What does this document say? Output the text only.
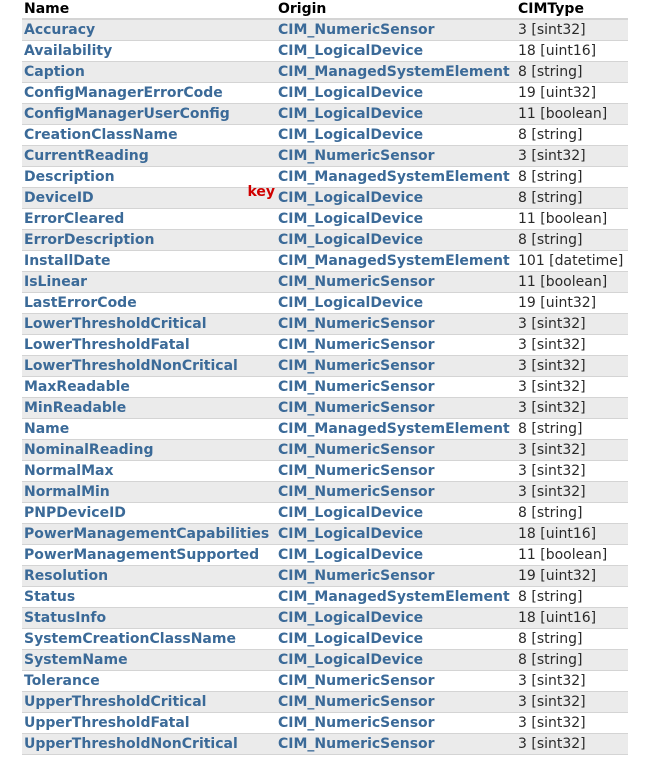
Name		Origin	CIMType
Accuracy		CIM_NumericSensor	3 [sint32]
Availability		CIM_LogicalDevice	18 [uint16]
Caption		CIM_ManagedSystemElement	8 [string]
ConfigManagerErrorCode		CIM_LogicalDevice	19 [uint32]
ConfigManagerUserConfig		CIM_LogicalDevice	11 [boolean]
CreationClassName		CIM_LogicalDevice	8 [string]
CurrentReading		CIM_NumericSensor	3 [sint32]
Description		CIM_ManagedSystemElement	8 [string]
DeviceID	key	CIM_LogicalDevice	8 [string]
ErrorCleared		CIM_LogicalDevice	11 [boolean]
ErrorDescription		CIM_LogicalDevice	8 [string]
InstallDate		CIM_ManagedSystemElement	101 [datetime]
IsLinear		CIM_NumericSensor	11 [boolean]
LastErrorCode		CIM_LogicalDevice	19 [uint32]
LowerThresholdCritical		CIM_NumericSensor	3 [sint32]
LowerThresholdFatal		CIM_NumericSensor	3 [sint32]
LowerThresholdNonCritical		CIM_NumericSensor	3 [sint32]
MaxReadable		CIM_NumericSensor	3 [sint32]
MinReadable		CIM_NumericSensor	3 [sint32]
Name		CIM_ManagedSystemElement	8 [string]
NominalReading		CIM_NumericSensor	3 [sint32]
NormalMax		CIM_NumericSensor	3 [sint32]
NormalMin		CIM_NumericSensor	3 [sint32]
PNPDeviceID		CIM_LogicalDevice	8 [string]
PowerManagementCapabilities		CIM_LogicalDevice	18 [uint16]
PowerManagementSupported		CIM_LogicalDevice	11 [boolean]
Resolution		CIM_NumericSensor	19 [uint32]
Status		CIM_ManagedSystemElement	8 [string]
StatusInfo		CIM_LogicalDevice	18 [uint16]
SystemCreationClassName		CIM_LogicalDevice	8 [string]
SystemName		CIM_LogicalDevice	8 [string]
Tolerance		CIM_NumericSensor	3 [sint32]
UpperThresholdCritical		CIM_NumericSensor	3 [sint32]
UpperThresholdFatal		CIM_NumericSensor	3 [sint32]
UpperThresholdNonCritical		CIM_NumericSensor	3 [sint32]
